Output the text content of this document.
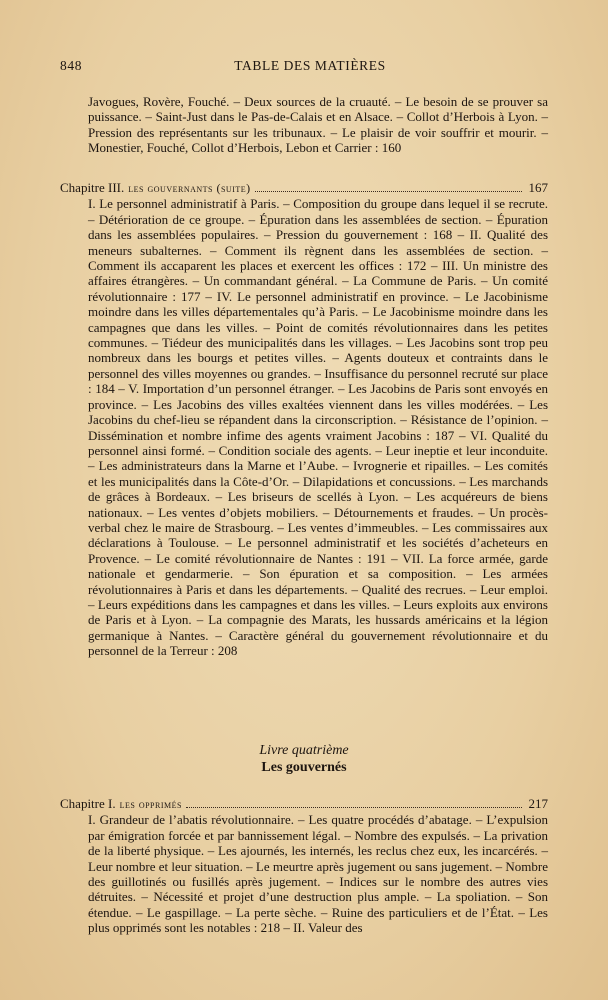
848	TABLE DES MATIÈRES
Javogues, Rovère, Fouché. – Deux sources de la cruauté. – Le besoin de se prouver sa puissance. – Saint-Just dans le Pas-de-Calais et en Alsace. – Collot d’Herbois à Lyon. – Pression des représentants sur les tribunaux. – Le plaisir de voir souffrir et mourir. – Monestier, Fouché, Collot d’Herbois, Lebon et Carrier : 160
Chapitre III. les gouvernants (suite)	167
I. Le personnel administratif à Paris. – Composition du groupe dans lequel il se recrute. – Détérioration de ce groupe. – Épuration dans les assemblées de section. – Épuration dans les assemblées populaires. – Pression du gouvernement : 168 – II. Qualité des meneurs subalternes. – Comment ils règnent dans les assemblées de section. – Comment ils accaparent les places et exercent les offices : 172 – III. Un ministre des affaires étrangères. – Un commandant général. – La Commune de Paris. – Un comité révolutionnaire : 177 – IV. Le personnel administratif en province. – Le Jacobinisme moindre dans les villes départementales qu’à Paris. – Le Jacobinisme moindre dans les campagnes que dans les villes. – Point de comités révolutionnaires dans les petites communes. – Tiédeur des municipalités dans les villages. – Les Jacobins sont trop peu nombreux dans les bourgs et petites villes. – Agents douteux et contraints dans le personnel des villes moyennes ou grandes. – Insuffisance du personnel recruté sur place : 184 – V. Importation d’un personnel étranger. – Les Jacobins de Paris sont envoyés en province. – Les Jacobins des villes exaltées viennent dans les villes modérées. – Les Jacobins du chef-lieu se répandent dans la circonscription. – Résistance de l’opinion. – Dissémination et nombre infime des agents vraiment Jacobins : 187 – VI. Qualité du personnel ainsi formé. – Condition sociale des agents. – Leur ineptie et leur inconduite. – Les administrateurs dans la Marne et l’Aube. – Ivrognerie et ripailles. – Les comités et les municipalités dans la Côte-d’Or. – Dilapidations et concussions. – Les marchands de grâces à Bordeaux. – Les briseurs de scellés à Lyon. – Les acquéreurs de biens nationaux. – Les ventes d’objets mobiliers. – Détournements et fraudes. – Un procès-verbal chez le maire de Strasbourg. – Les ventes d’immeubles. – Les commissaires aux déclarations à Toulouse. – Le personnel administratif et les sociétés d’acheteurs en Provence. – Le comité révolutionnaire de Nantes : 191 – VII. La force armée, garde nationale et gendarmerie. – Son épuration et sa composition. – Les armées révolutionnaires à Paris et dans les départements. – Qualité des recrues. – Leur emploi. – Leurs expéditions dans les campagnes et dans les villes. – Leurs exploits aux environs de Paris et à Lyon. – La compagnie des Marats, les hussards américains et la légion germanique à Nantes. – Caractère général du gouvernement révolutionnaire et du personnel de la Terreur : 208
Livre quatrième
Les gouvernés
Chapitre I. les opprimés	217
I. Grandeur de l’abatis révolutionnaire. – Les quatre procédés d’abatage. – L’expulsion par émigration forcée et par bannissement légal. – Nombre des expulsés. – La privation de la liberté physique. – Les ajournés, les internés, les reclus chez eux, les incarcérés. – Leur nombre et leur situation. – Le meurtre après jugement ou sans jugement. – Nombre des guillotinés ou fusillés après jugement. – Indices sur le nombre des autres vies détruites. – Nécessité et projet d’une destruction plus ample. – La spoliation. – Son étendue. – Le gaspillage. – La perte sèche. – Ruine des particuliers et de l’État. – Les plus opprimés sont les notables : 218 – II. Valeur des
